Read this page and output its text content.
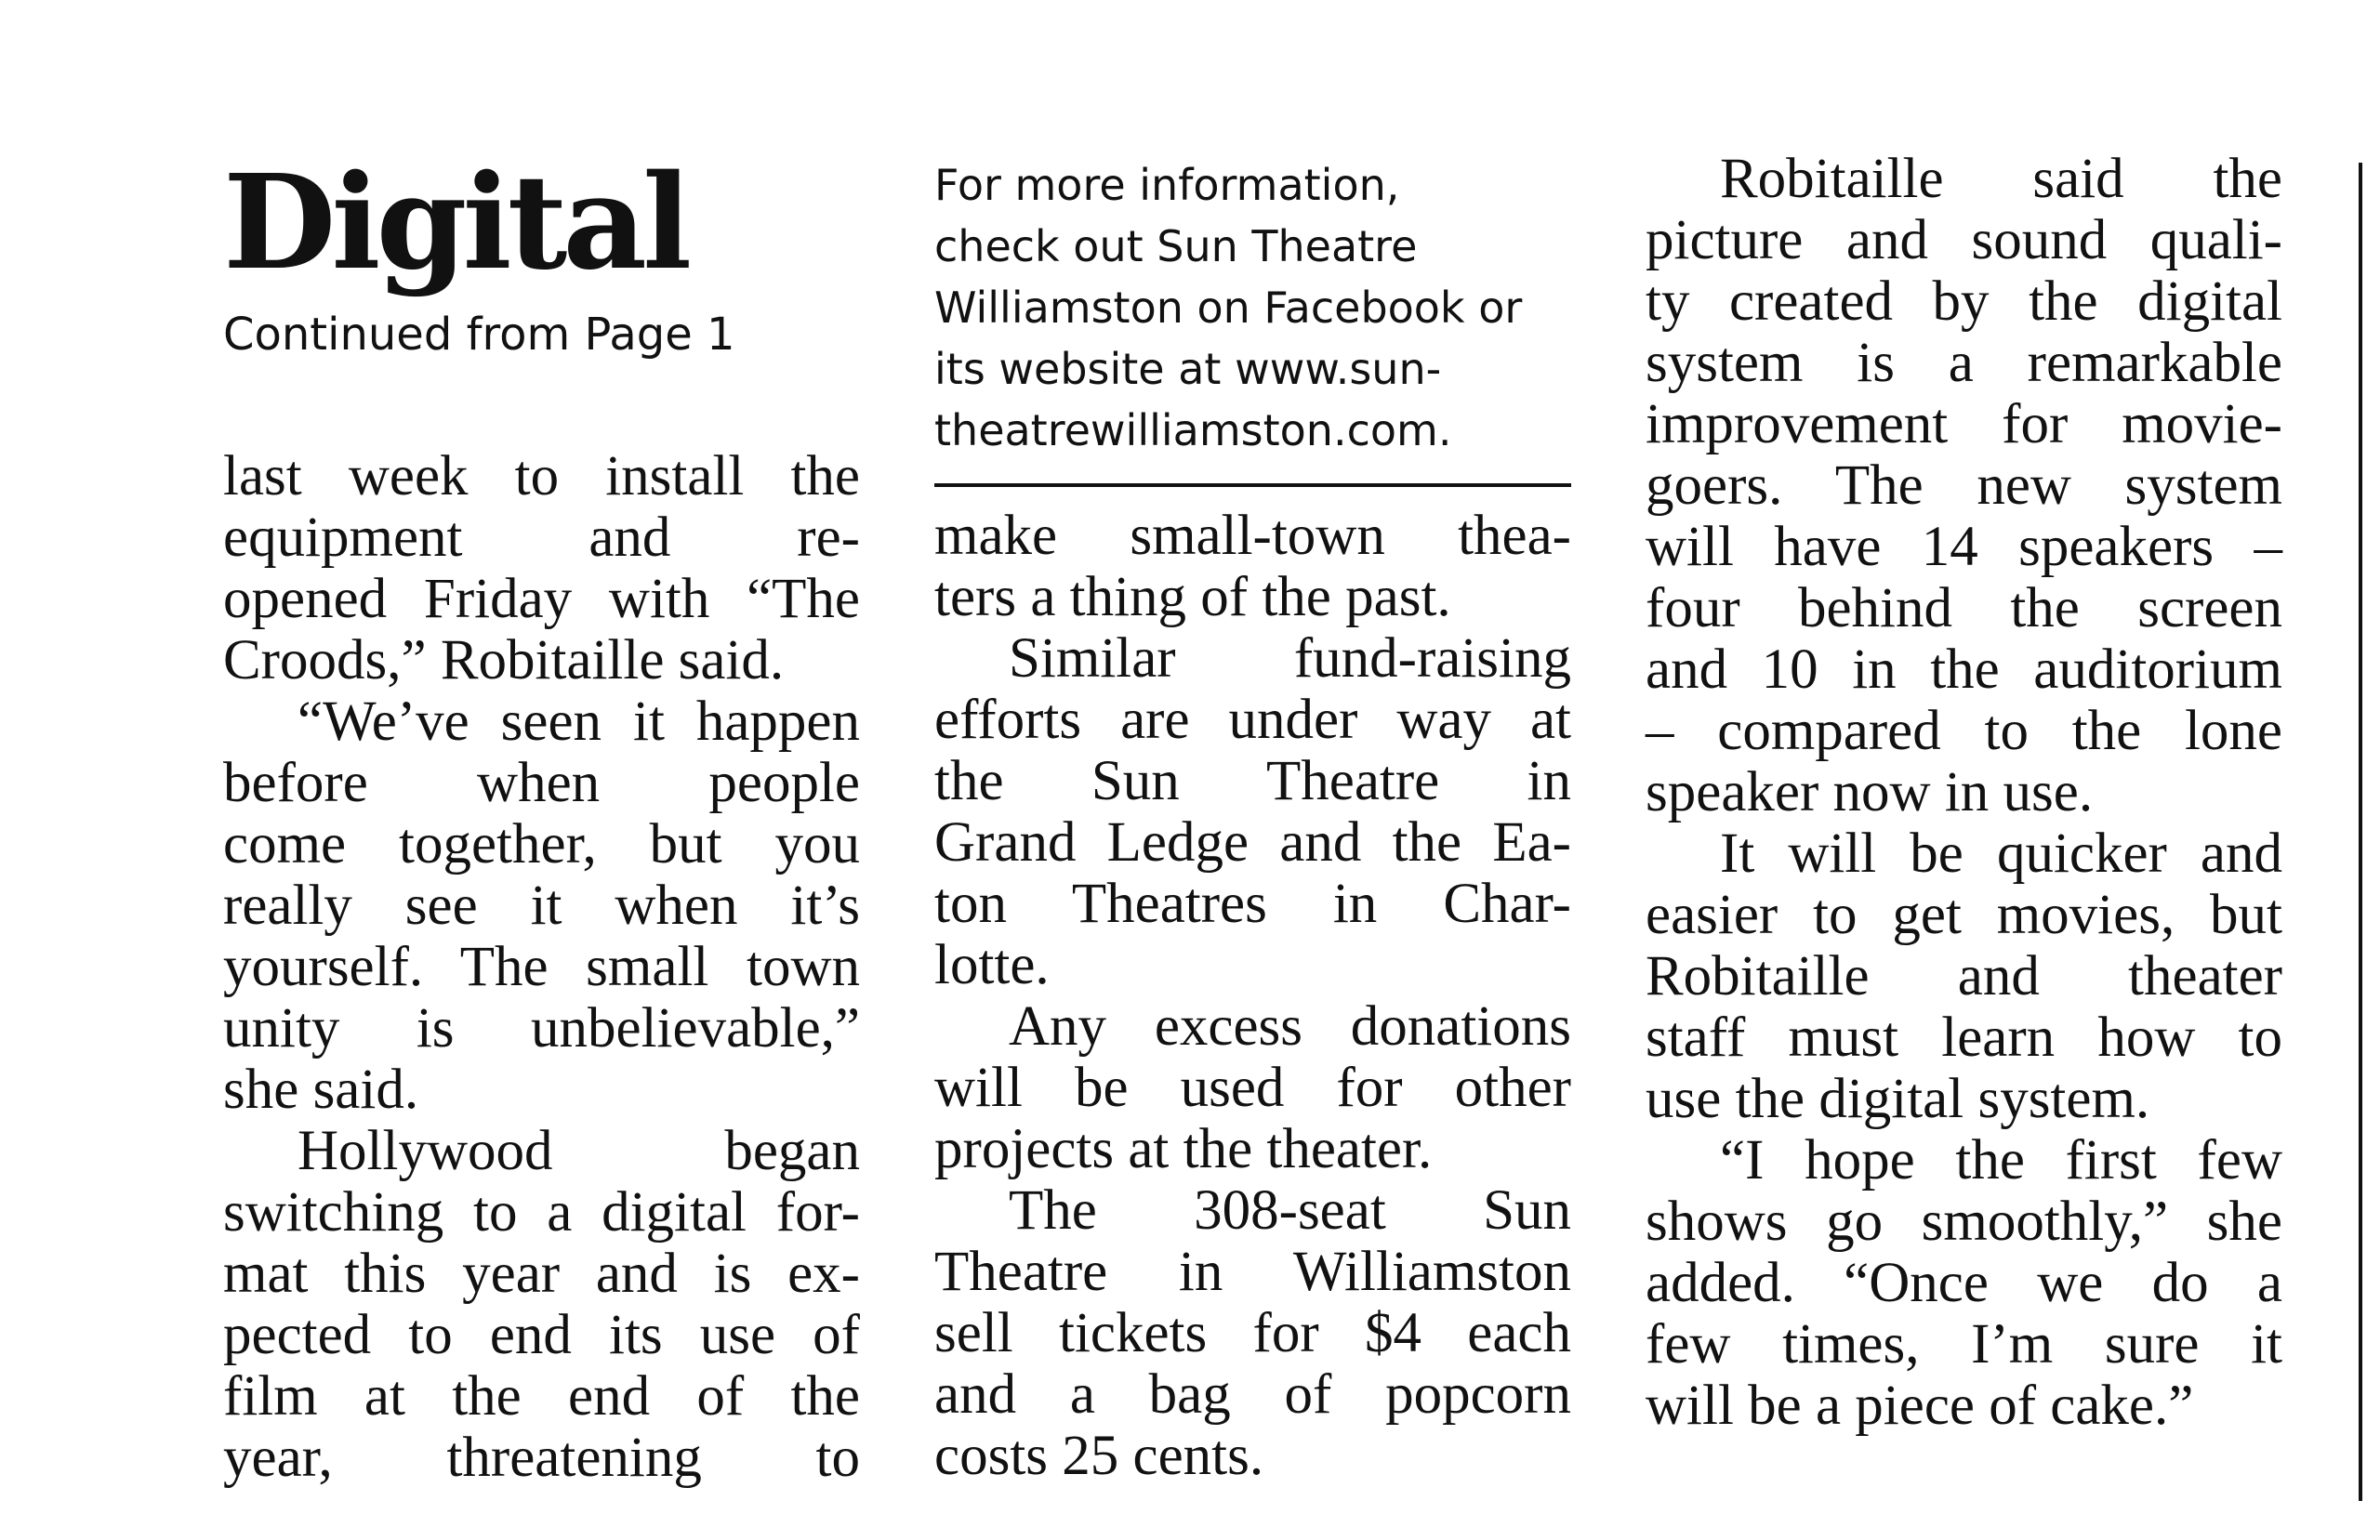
Digital

Continued from Page 1

last week to install the
equipment and re-
opened Friday with “The
Croods,” Robitaille said.
“We’ve seen it happen
before when people
come together, but you
really see it when it’s
yourself. The small town
unity is unbelievable,”
she said.
Hollywood began
switching to a digital for-
mat this year and is ex-
pected to end its use of
film at the end of the
year, threatening to
For more information,
check out Sun Theatre
Williamston on Facebook or
its website at www.sun-
theatrewilliamston.com.
make small-town thea-
ters a thing of the past.
Similar fund-raising
efforts are under way at
the Sun Theatre in
Grand Ledge and the Ea-
ton Theatres in Char-
lotte.
Any excess donations
will be used for other
projects at the theater.
The 308-seat Sun
Theatre in Williamston
sell tickets for $4 each
and a bag of popcorn
costs 25 cents.
Robitaille said the
picture and sound quali-
ty created by the digital
system is a remarkable
improvement for movie-
goers. The new system
will have 14 speakers –
four behind the screen
and 10 in the auditorium
– compared to the lone
speaker now in use.
It will be quicker and
easier to get movies, but
Robitaille and theater
staff must learn how to
use the digital system.
“I hope the first few
shows go smoothly,” she
added. “Once we do a
few times, I’m sure it
will be a piece of cake.”
